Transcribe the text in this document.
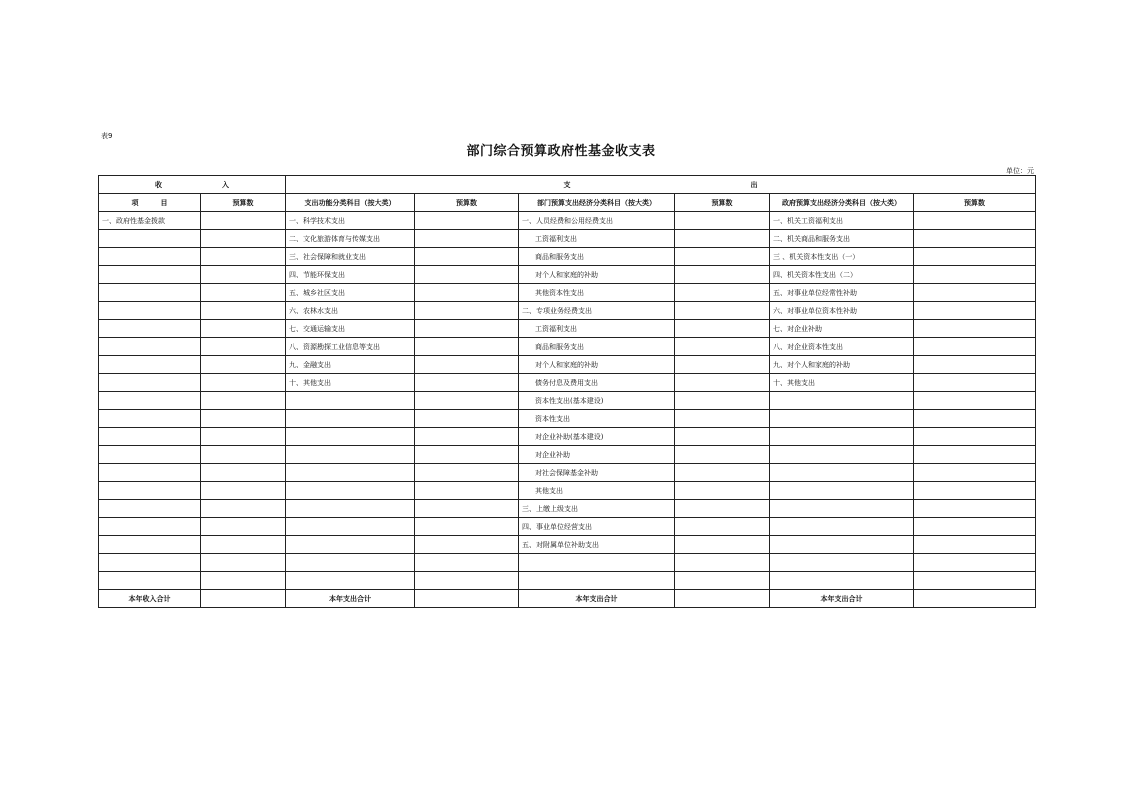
表9
部门综合预算政府性基金收支表
单位：元
收 入		支 出					
项 目	预算数	支出功能分类科目（按大类）	预算数	部门预算支出经济分类科目（按大类）	预算数	政府预算支出经济分类科目（按大类）	预算数
一、政府性基金拨款		一、科学技术支出		一、人员经费和公用经费支出		一、机关工资福利支出	
		二、文化旅游体育与传媒支出		工资福利支出		二、机关商品和服务支出	
		三、社会保障和就业支出		商品和服务支出		三 、机关资本性支出（一）	
		四、节能环保支出		对个人和家庭的补助		四、机关资本性支出（二）	
		五、城乡社区支出		其他资本性支出		五、对事业单位经常性补助	
		六、农林水支出		二、专项业务经费支出		六、对事业单位资本性补助	
		七、交通运输支出		工资福利支出		七、对企业补助	
		八、资源勘探工业信息等支出		商品和服务支出		八、对企业资本性支出	
		九、金融支出		对个人和家庭的补助		九、对个人和家庭的补助	
		十、其他支出		债务付息及费用支出		十、其他支出	
				资本性支出(基本建设)			
				资本性支出			
				对企业补助(基本建设)			
				对企业补助			
				对社会保障基金补助			
				其他支出			
				三、上缴上级支出			
				四、事业单位经营支出			
				五、对附属单位补助支出			

本年收入合计		本年支出合计		本年支出合计		本年支出合计	
